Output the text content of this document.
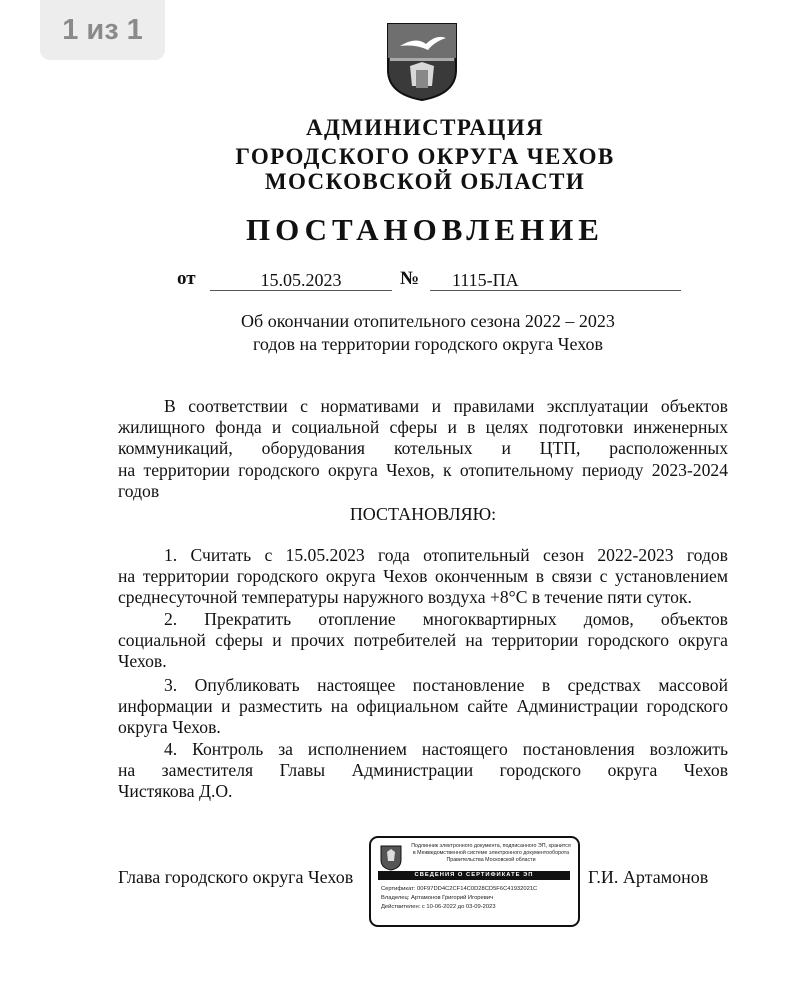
1 из 1
АДМИНИСТРАЦИЯ
ГОРОДСКОГО ОКРУГА ЧЕХОВ
МОСКОВСКОЙ ОБЛАСТИ
ПОСТАНОВЛЕНИЕ
от	15.05.2023	№	1115-ПА
Об окончании отопительного сезона 2022 – 2023
годов на территории городского округа Чехов
В соответствии с нормативами и правилами эксплуатации объектов
жилищного фонда и социальной сферы и в целях подготовки инженерных
коммуникаций, оборудования котельных и ЦТП, расположенных
на территории городского округа Чехов, к отопительному периоду 2023-2024
годов
ПОСТАНОВЛЯЮ:
1. Считать с 15.05.2023 года отопительный сезон 2022-2023 годов
на территории городского округа Чехов оконченным в связи с установлением
среднесуточной температуры наружного воздуха +8°С в течение пяти суток.
2. Прекратить отопление многоквартирных домов, объектов
социальной сферы и прочих потребителей на территории городского округа
Чехов.
3. Опубликовать настоящее постановление в средствах массовой
информации и разместить на официальном сайте Администрации городского
округа Чехов.
4. Контроль за исполнением настоящего постановления возложить
на заместителя Главы Администрации городского округа Чехов
Чистякова Д.О.
Глава городского округа Чехов
Подлинник электронного документа, подписанного ЭП, хранится в Межведомственной системе электронного документооборота Правительства Московской области
СВЕДЕНИЯ О СЕРТИФИКАТЕ ЭП
Сертификат: 00F97DD4C2CF14C0D28CD5F6C41932021C
Владелец: Артамонов Григорий Игоревич
Действителен: с 10-06-2022 до 03-09-2023
Г.И. Артамонов
